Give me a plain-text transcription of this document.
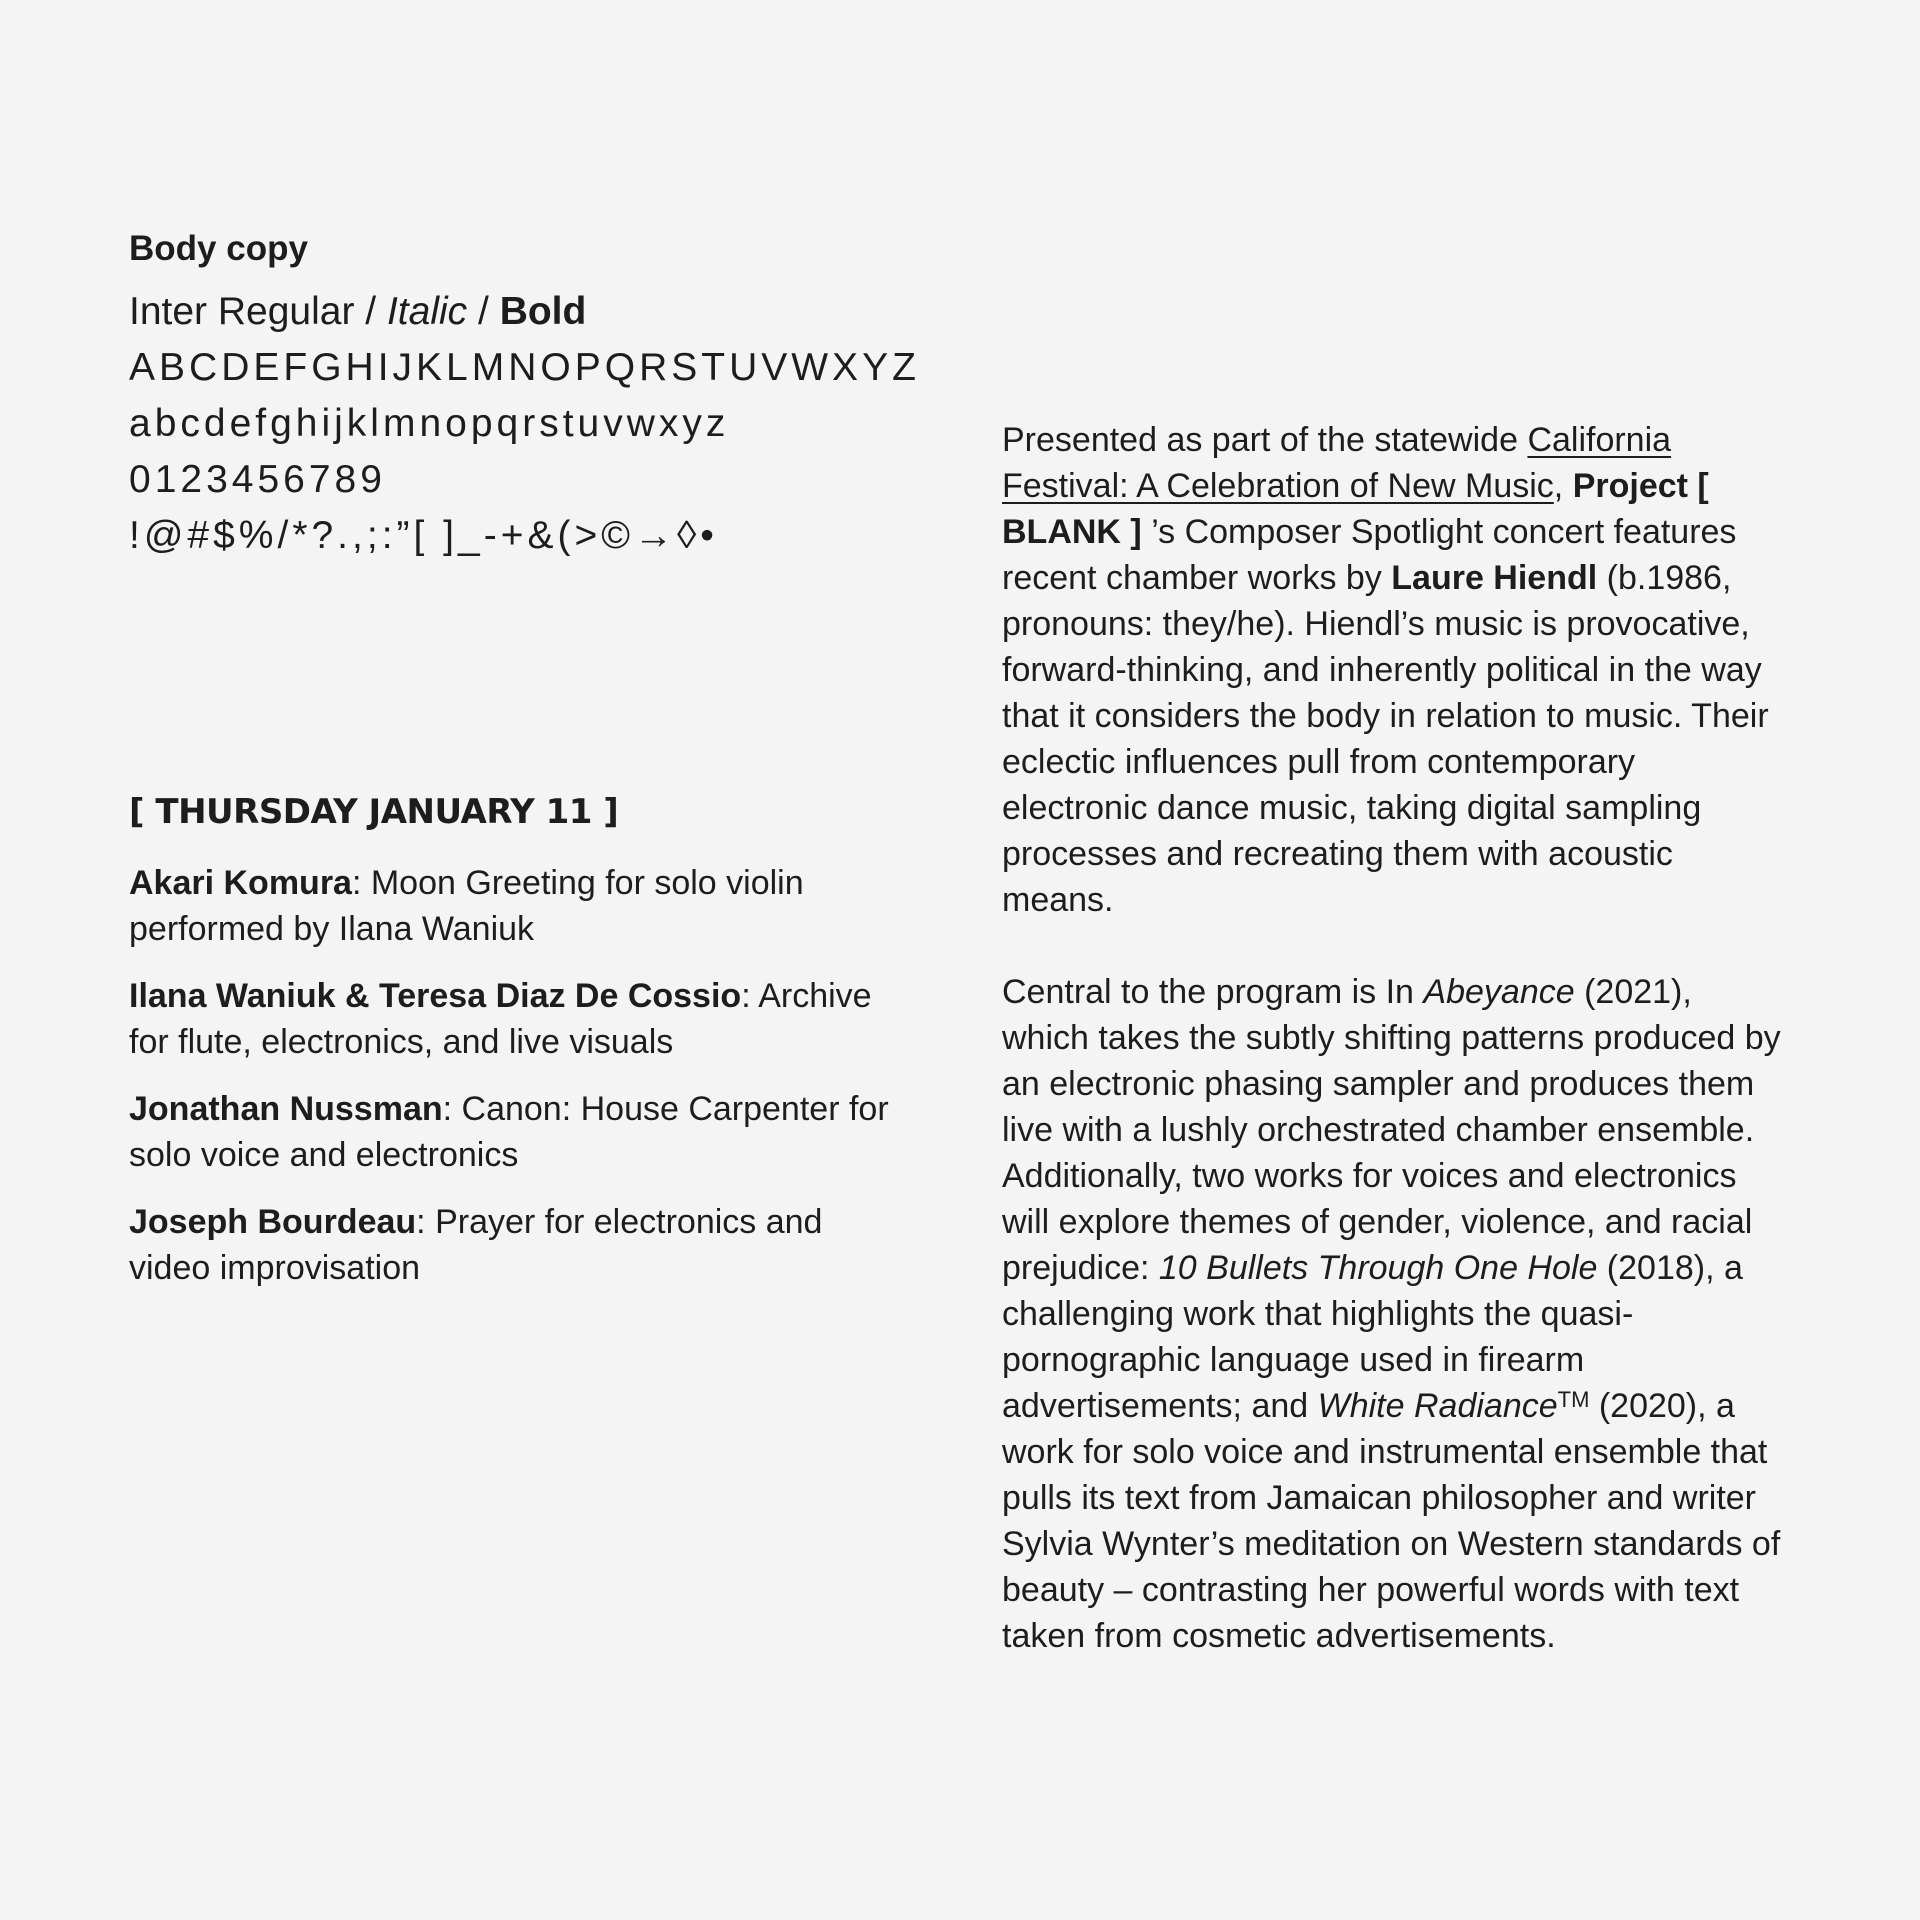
Body copy

Inter Regular / Italic / Bold

ABCDEFGHIJKLMNOPQRSTUVWXYZ

abcdefghijklmnopqrstuvwxyz

0123456789

!@#$%/*?.,;:”[ ]_-+&(>©→◊•

[ THURSDAY JANUARY 11 ]

Akari Komura: Moon Greeting for solo violin performed by Ilana Waniuk

Ilana Waniuk & Teresa Diaz De Cossio: Archive for flute, electronics, and live visuals

Jonathan Nussman: Canon: House Carpenter for solo voice and electronics

Joseph Bourdeau: Prayer for electronics and video improvisation

Presented as part of the statewide California Festival: A Celebration of New Music, Project [ BLANK ] ’s Composer Spotlight concert features recent chamber works by Laure Hiendl (b.1986, pronouns: they/he). Hiendl’s music is provocative, forward-thinking, and inherently political in the way that it considers the body in relation to music. Their eclectic influences pull from contemporary electronic dance music, taking digital sampling processes and recreating them with acoustic means.

Central to the program is In Abeyance (2021), which takes the subtly shifting patterns produced by an electronic phasing sampler and produces them live with a lushly orchestrated chamber ensemble. Additionally, two works for voices and electronics will explore themes of gender, violence, and racial prejudice: 10 Bullets Through One Hole (2018), a challenging work that highlights the quasi-pornographic language used in firearm advertisements; and White Radiance™ (2020), a work for solo voice and instrumental ensemble that pulls its text from Jamaican philosopher and writer Sylvia Wynter’s meditation on Western standards of beauty – contrasting her powerful words with text taken from cosmetic advertisements.
